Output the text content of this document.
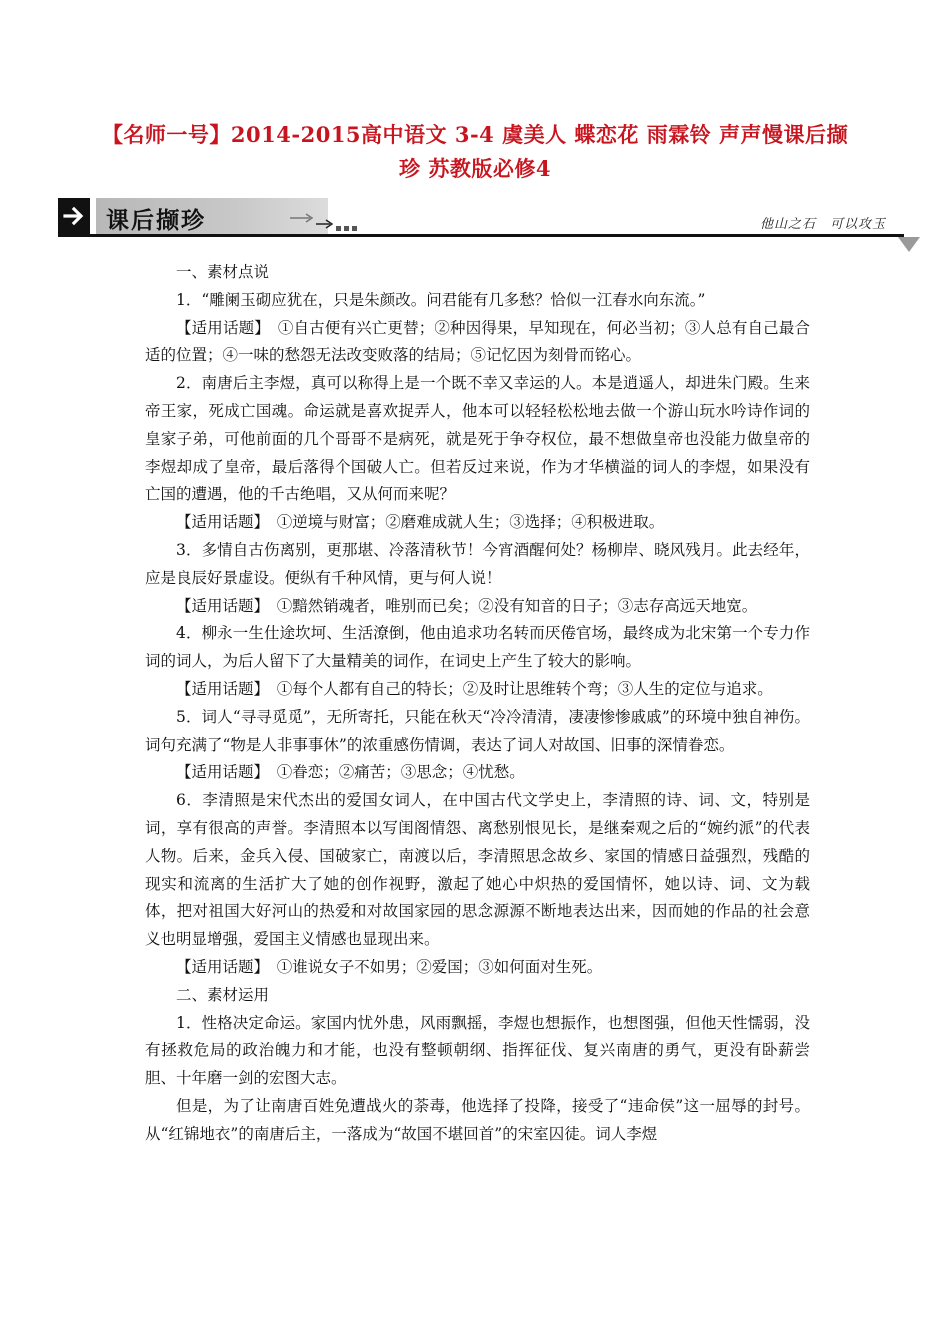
【名师一号】2014-2015高中语文 3-4 虞美人 蝶恋花 雨霖铃 声声慢课后撷珍 苏教版必修4
课后撷珍	他山之石　可以攻玉

一、素材点说

1．“雕阑玉砌应犹在，只是朱颜改。问君能有几多愁？恰似一江春水向东流。”

【适用话题】　①自古便有兴亡更替；②种因得果，早知现在，何必当初；③人总有自己最合适的位置；④一味的愁怨无法改变败落的结局；⑤记忆因为刻骨而铭心。

2．南唐后主李煜，真可以称得上是一个既不幸又幸运的人。本是逍遥人，却进朱门殿。生来帝王家，死成亡国魂。命运就是喜欢捉弄人，他本可以轻轻松松地去做一个游山玩水吟诗作词的皇家子弟，可他前面的几个哥哥不是病死，就是死于争夺权位，最不想做皇帝也没能力做皇帝的李煜却成了皇帝，最后落得个国破人亡。但若反过来说，作为才华横溢的词人的李煜，如果没有亡国的遭遇，他的千古绝唱，又从何而来呢？

【适用话题】　①逆境与财富；②磨难成就人生；③选择；④积极进取。

3．多情自古伤离别，更那堪、冷落清秋节！今宵酒醒何处？杨柳岸、晓风残月。此去经年，应是良辰好景虚设。便纵有千种风情，更与何人说！

【适用话题】　①黯然销魂者，唯别而已矣；②没有知音的日子；③志存高远天地宽。

4．柳永一生仕途坎坷、生活潦倒，他由追求功名转而厌倦官场，最终成为北宋第一个专力作词的词人，为后人留下了大量精美的词作，在词史上产生了较大的影响。

【适用话题】　①每个人都有自己的特长；②及时让思维转个弯；③人生的定位与追求。

5．词人“寻寻觅觅”，无所寄托，只能在秋天“冷冷清清，凄凄惨惨戚戚”的环境中独自神伤。词句充满了“物是人非事事休”的浓重感伤情调，表达了词人对故国、旧事的深情眷恋。

【适用话题】　①眷恋；②痛苦；③思念；④忧愁。

6．李清照是宋代杰出的爱国女词人，在中国古代文学史上，李清照的诗、词、文，特别是词，享有很高的声誉。李清照本以写闺阁情怨、离愁别恨见长，是继秦观之后的“婉约派”的代表人物。后来，金兵入侵、国破家亡，南渡以后，李清照思念故乡、家国的情感日益强烈，残酷的现实和流离的生活扩大了她的创作视野，激起了她心中炽热的爱国情怀，她以诗、词、文为载体，把对祖国大好河山的热爱和对故国家园的思念源源不断地表达出来，因而她的作品的社会意义也明显增强，爱国主义情感也显现出来。

【适用话题】　①谁说女子不如男；②爱国；③如何面对生死。

二、素材运用

1．性格决定命运。家国内忧外患，风雨飘摇，李煜也想振作，也想图强，但他天性懦弱，没有拯救危局的政治魄力和才能，也没有整顿朝纲、指挥征伐、复兴南唐的勇气，更没有卧薪尝胆、十年磨一剑的宏图大志。

但是，为了让南唐百姓免遭战火的荼毒，他选择了投降，接受了“违命侯”这一屈辱的封号。从“红锦地衣”的南唐后主，一落成为“故国不堪回首”的宋室囚徒。词人李煜
